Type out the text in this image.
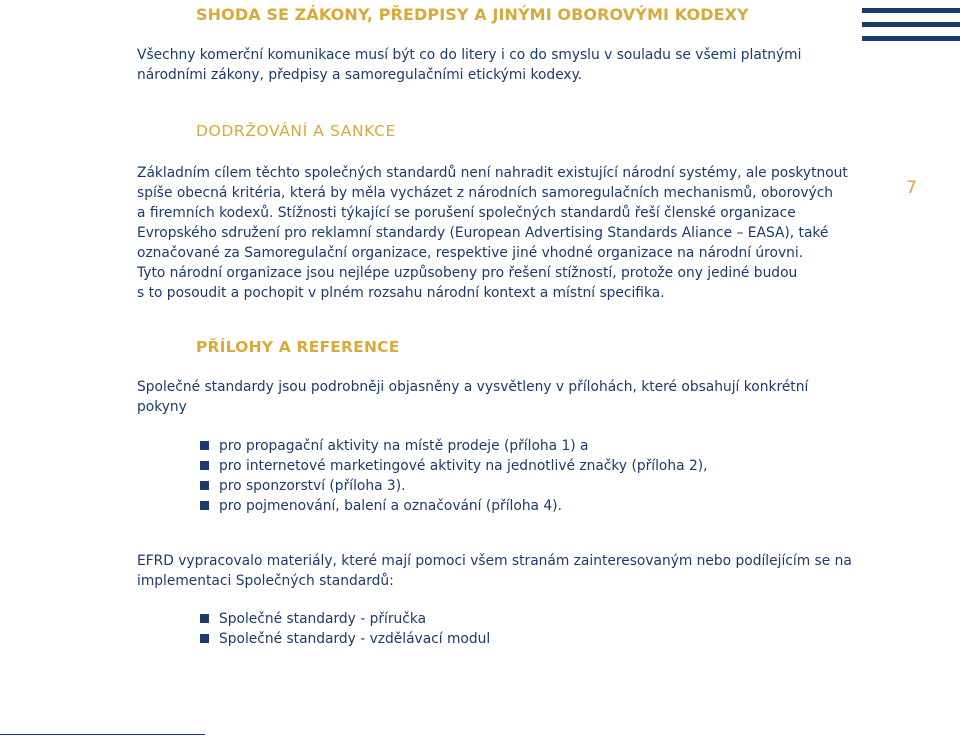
SHODA SE ZÁKONY, PŘEDPISY A JINÝMI OBOROVÝMI KODEXY
Všechny komerční komunikace musí být co do litery i co do smyslu v souladu se všemi platnými
národními zákony, předpisy a samoregulačními etickými kodexy.
DODRŽOVÁNÍ A SANKCE
Základním cílem těchto společných standardů není nahradit existující národní systémy, ale poskytnout
spíše obecná kritéria, která by měla vycházet z národních samoregulačních mechanismů, oborových
a firemních kodexů. Stížnosti týkající se porušení společných standardů řeší členské organizace
Evropského sdružení pro reklamní standardy (European Advertising Standards Aliance – EASA), také
označované za Samoregulační organizace, respektive jiné vhodné organizace na národní úrovni.
Tyto národní organizace jsou nejlépe uzpůsobeny pro řešení stížností, protože ony jediné budou
s to posoudit a pochopit v plném rozsahu národní kontext a místní specifika.
7
PŘÍLOHY A REFERENCE
Společné standardy jsou podrobněji objasněny a vysvětleny v přílohách, které obsahují konkrétní
pokyny
pro propagační aktivity na místě prodeje (příloha 1) a
pro internetové marketingové aktivity na jednotlivé značky (příloha 2),
pro sponzorství (příloha 3).
pro pojmenování, balení a označování (příloha 4).
EFRD vypracovalo materiály, které mají pomoci všem stranám zainteresovaným nebo podílejícím se na
implementaci Společných standardů:
Společné standardy - příručka
Společné standardy - vzdělávací modul
